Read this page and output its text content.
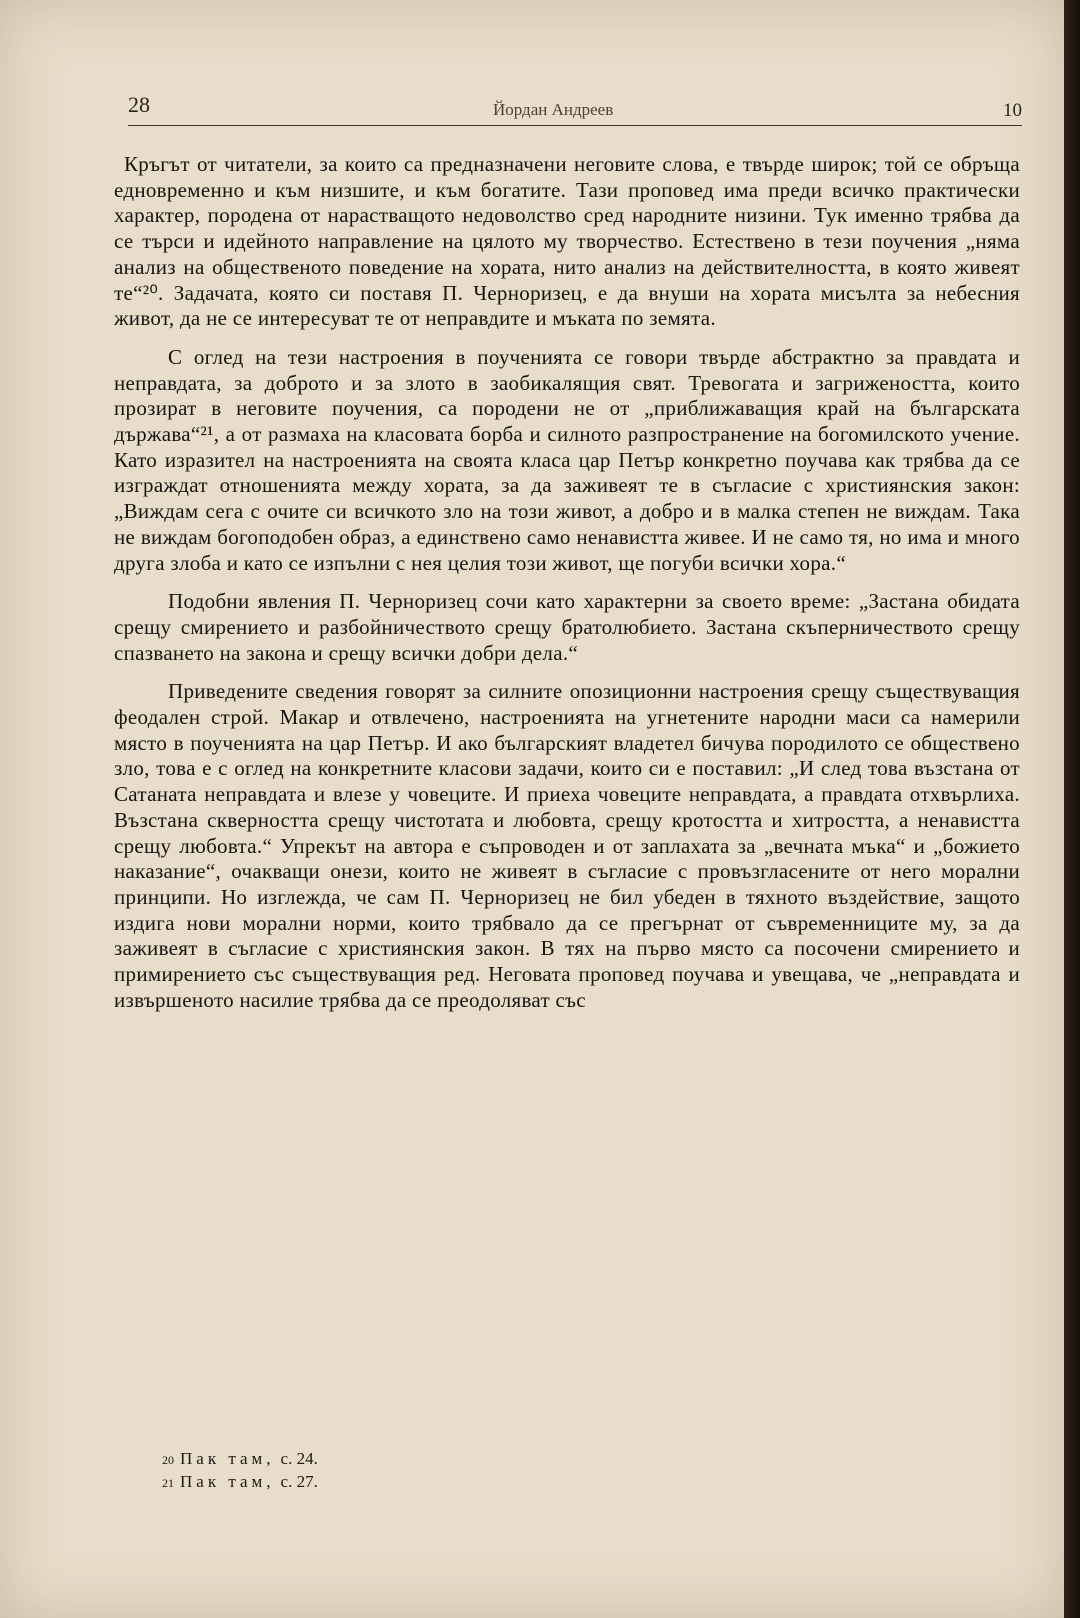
28	Йордан Андреев	10

Кръгът от читатели, за които са предназначени неговите слова, е твърде широк; той се обръща едновременно и към низшите, и към богатите. Тази проповед има преди всичко практически характер, породена от нарастващото недоволство сред народните низини. Тук именно трябва да се търси и идейното направление на цялото му творчество. Естествено в тези поучения „няма анализ на общественото поведение на хората, нито анализ на действителността, в която живеят те“²⁰. Задачата, която си поставя П. Черноризец, е да внуши на хората мисълта за небесния живот, да не се интересуват те от неправдите и мъката по земята.

С оглед на тези настроения в поученията се говори твърде абстрактно за правдата и неправдата, за доброто и за злото в заобикалящия свят. Тревогата и загрижеността, които прозират в неговите поучения, са породени не от „приближаващия край на българската държава“²¹, а от размаха на класовата борба и силното разпространение на богомилското учение. Като изразител на настроенията на своята класа цар Петър конкретно поучава как трябва да се изграждат отношенията между хората, за да заживеят те в съгласие с християнския закон: „Виждам сега с очите си всичкото зло на този живот, а добро и в малка степен не виждам. Така не виждам богоподобен образ, а единствено само ненавистта живее. И не само тя, но има и много друга злоба и като се изпълни с нея целия този живот, ще погуби всички хора.“

Подобни явления П. Черноризец сочи като характерни за своето време: „Застана обидата срещу смирението и разбойничеството срещу братолюбието. Застана скъперничеството срещу спазването на закона и срещу всички добри дела.“

Приведените сведения говорят за силните опозиционни настроения срещу съществуващия феодален строй. Макар и отвлечено, настроенията на угнетените народни маси са намерили място в поученията на цар Петър. И ако българският владетел бичува породилото се обществено зло, това е с оглед на конкретните класови задачи, които си е поставил: „И след това възстана от Сатаната неправдата и влезе у човеците. И приеха човеците неправдата, а правдата отхвърлиха. Възстана скверността срещу чистотата и любовта, срещу кротостта и хитростта, а ненавистта срещу любовта.“ Упрекът на автора е съпроводен и от заплахата за „вечната мъка“ и „божието наказание“, очакващи онези, които не живеят в съгласие с провъзгласените от него морални принципи. Но изглежда, че сам П. Черноризец не бил убеден в тяхното въздействие, защото издига нови морални норми, които трябвало да се прегърнат от съвременниците му, за да заживеят в съгласие с християнския закон. В тях на първо място са посочени смирението и примирението със съществуващия ред. Неговата проповед поучава и увещава, че „неправдата и извършеното насилие трябва да се преодоляват със

20 Пак там, с. 24.
21 Пак там, с. 27.
